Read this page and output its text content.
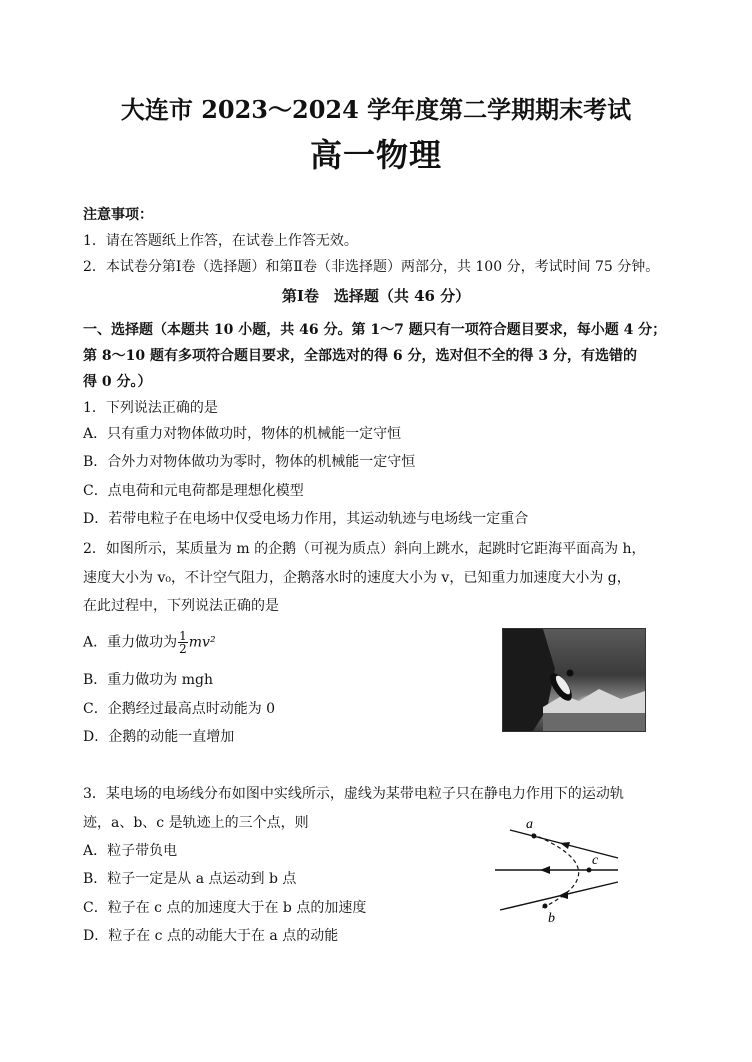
大连市 2023～2024 学年度第二学期期末考试
高一物理
注意事项：
1．请在答题纸上作答，在试卷上作答无效。
2．本试卷分第Ⅰ卷（选择题）和第Ⅱ卷（非选择题）两部分，共 100 分，考试时间 75 分钟。
第Ⅰ卷　选择题（共 46 分）
一、选择题（本题共 10 小题，共 46 分。第 1～7 题只有一项符合题目要求，每小题 4 分；
第 8～10 题有多项符合题目要求，全部选对的得 6 分，选对但不全的得 3 分，有选错的
得 0 分。）
1．下列说法正确的是
A．只有重力对物体做功时，物体的机械能一定守恒
B．合外力对物体做功为零时，物体的机械能一定守恒
C．点电荷和元电荷都是理想化模型
D．若带电粒子在电场中仅受电场力作用，其运动轨迹与电场线一定重合
2．如图所示，某质量为 m 的企鹅（可视为质点）斜向上跳水，起跳时它距海平面高为 h，
速度大小为 v₀，不计空气阻力，企鹅落水时的速度大小为 v，已知重力加速度大小为 g，
在此过程中，下列说法正确的是
A．重力做功为 $\frac{1}{2} mv^2$
B．重力做功为 mgh
C．企鹅经过最高点时动能为 0
D．企鹅的动能一直增加
3．某电场的电场线分布如图中实线所示，虚线为某带电粒子只在静电力作用下的运动轨
迹，a、b、c 是轨迹上的三个点，则
A．粒子带负电
B．粒子一定是从 a 点运动到 b 点
C．粒子在 c 点的加速度大于在 b 点的加速度
D．粒子在 c 点的动能大于在 a 点的动能
a
c
b
